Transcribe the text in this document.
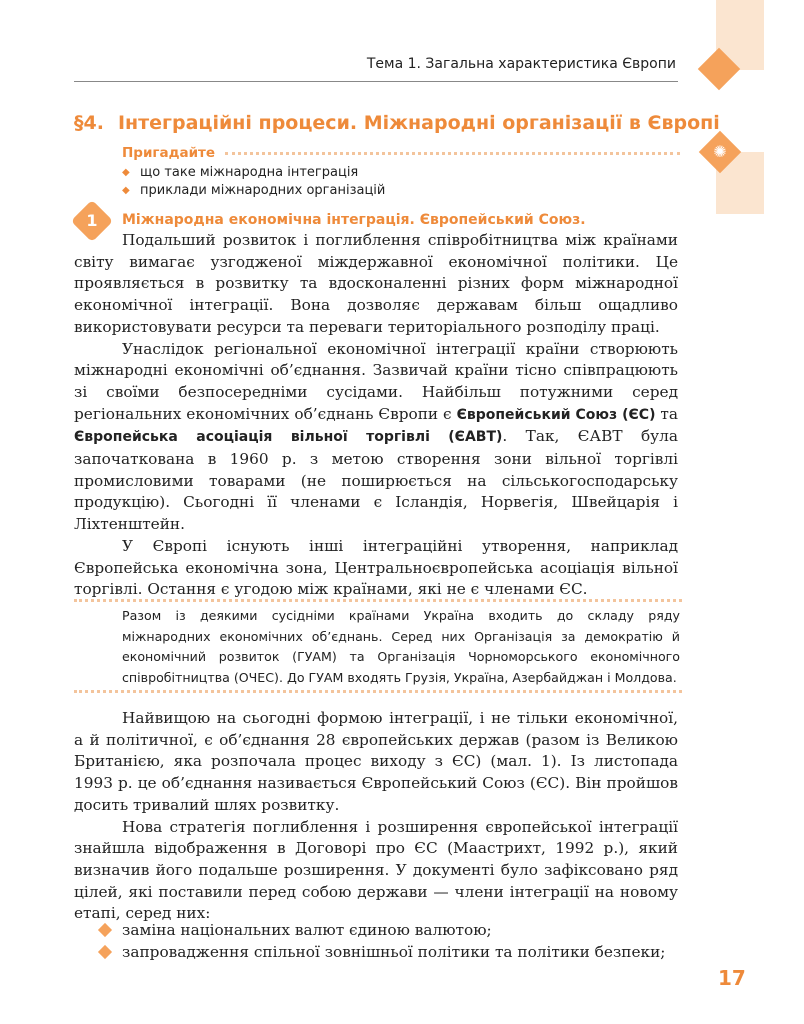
✺
Тема 1. Загальна характеристика Європи
§4. Інтеграційні процеси. Міжнародні організації в Європі
Пригадайте
◆ що таке міжнародна інтеграція
◆ приклади міжнародних організацій
1	Міжнародна економічна інтеграція. Європейський Союз.

Подальший розвиток і поглиблення співробітництва між країнами світу вимагає узгодженої міждержавної економічної політики. Це проявляється в розвитку та вдосконаленні різних форм міжнародної економічної інтеграції. Вона дозволяє державам більш ощадливо використовувати ресурси та переваги територіального розподілу праці.

Унаслідок регіональної економічної інтеграції країни створюють міжнародні економічні об’єднання. Зазвичай країни тісно співпрацюють зі своїми безпосередніми сусідами. Найбільш потужними серед регіональних економічних об’єднань Європи є Європейський Союз (ЄС) та Європейська асоціація вільної торгівлі (ЄАВТ). Так, ЄАВТ була започаткована в 1960 р. з метою створення зони вільної торгівлі промисловими товарами (не поширюється на сільськогосподарську продукцію). Сьогодні її членами є Ісландія, Норвегія, Швейцарія і Ліхтенштейн.

У Європі існують інші інтеграційні утворення, наприклад Європейська економічна зона, Центральноєвропейська асоціація вільної торгівлі. Остання є угодою між країнами, які не є членами ЄС.

Разом із деякими сусідніми країнами Україна входить до складу ряду міжнародних економічних об’єднань. Серед них Організація за демократію й економічний розвиток (ГУАМ) та Організація Чорноморського економічного співробітництва (ОЧЕС). До ГУАМ входять Грузія, Україна, Азербайджан і Молдова.

Найвищою на сьогодні формою інтеграції, і не тільки економічної, а й політичної, є об’єднання 28 європейських держав (разом із Великою Британією, яка розпочала процес виходу з ЄС) (мал. 1). Із листопада 1993 р. це об’єднання називається Європейський Союз (ЄС). Він пройшов досить тривалий шлях розвитку.

Нова стратегія поглиблення і розширення європейської інтеграції знайшла відображення в Договорі про ЄС (Маастрихт, 1992 р.), який визначив його подальше розширення. У документі було зафіксовано ряд цілей, які поставили перед собою держави — члени інтеграції на новому етапі, серед них:

заміна національних валют єдиною валютою;
запровадження спільної зовнішньої політики та політики безпеки;
17
